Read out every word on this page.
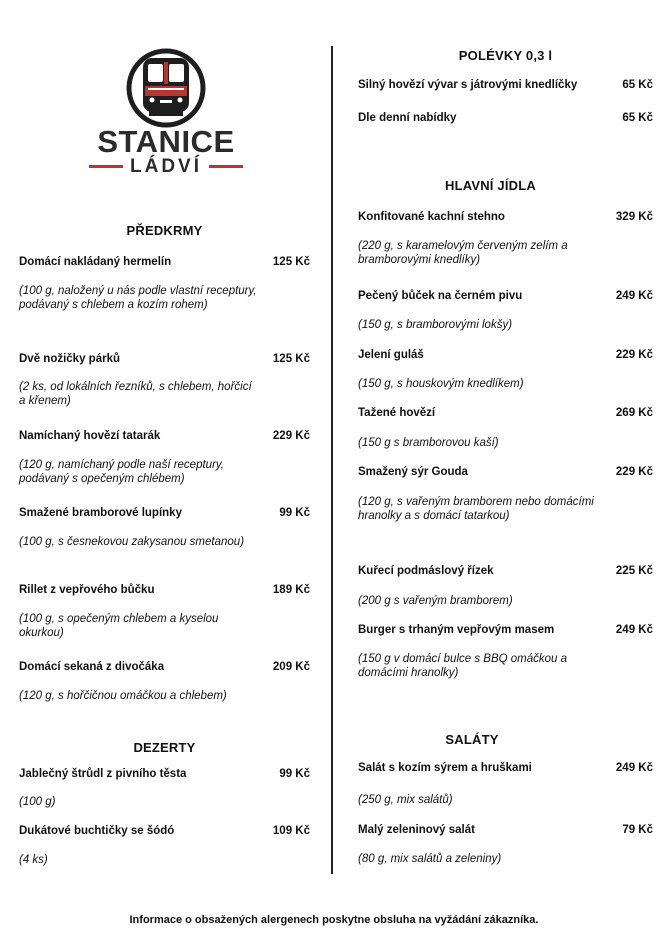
STANICE
LÁDVÍ
PŘEDKRMY
Domácí nakládaný hermelín	125 Kč
(100 g, naložený u nás podle vlastní receptury, podávaný s chlebem a kozím rohem)
Dvě nožičky párků	125 Kč
(2 ks, od lokálních řezníků, s chlebem, hořčicí a křenem)
Namíchaný hovězí tatarák	229 Kč
(120 g, namíchaný podle naší receptury, podávaný s opečeným chlébem)
Smažené bramborové lupínky	99 Kč
(100 g, s česnekovou zakysanou smetanou)
Rillet z vepřového bůčku	189 Kč
(100 g, s opečeným chlebem a kyselou okurkou)
Domácí sekaná z divočáka	209 Kč
(120 g, s hořčičnou omáčkou a chlebem)
DEZERTY
Jablečný štrůdl z pivního těsta	99 Kč
(100 g)
Dukátové buchtičky se šódó	109 Kč
(4 ks)
POLÉVKY 0,3 l
Silný hovězí vývar s játrovými knedlíčky	65 Kč
Dle denní nabídky	65 Kč
HLAVNÍ JÍDLA
Konfitované kachní stehno	329 Kč
(220 g, s karamelovým červeným zelím a bramborovými knedlíky)
Pečený bůček na černém pivu	249 Kč
(150 g, s bramborovými lokšy)
Jelení guláš	229 Kč
(150 g, s houskovým knedlíkem)
Tažené hovězí	269 Kč
(150 g s bramborovou kaší)
Smažený sýr Gouda	229 Kč
(120 g, s vařeným bramborem nebo domácími hranolky a s domácí tatarkou)
Kuřecí podmáslový řízek	225 Kč
(200 g s vařeným bramborem)
Burger s trhaným vepřovým masem	249 Kč
(150 g v domácí bulce s BBQ omáčkou a domácími hranolky)
SALÁTY
Salát s kozím sýrem a hruškami	249 Kč
(250 g, mix salátů)
Malý zeleninový salát	79 Kč
(80 g, mix salátů a zeleniny)
Informace o obsažených alergenech poskytne obsluha na vyžádání zákazníka.
